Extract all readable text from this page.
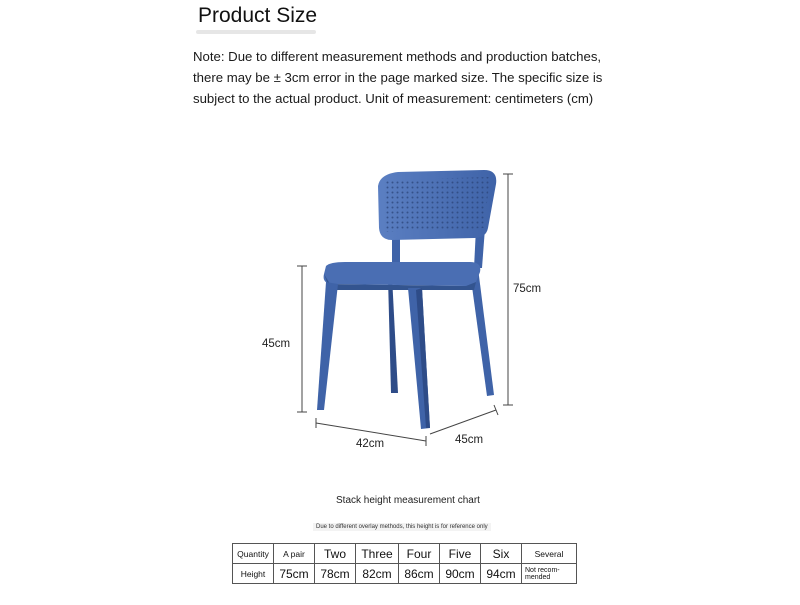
Product Size
Note: Due to different measurement methods and production batches, there may be ± 3cm error in the page marked size. The specific size is subject to the actual product. Unit of measurement: centimeters (cm)
75cm
45cm
42cm	45cm
Stack height measurement chart
Due to different overlay methods, this height is for reference only
Quantity	A pair	Two	Three	Four	Five	Six	Several
Height	75cm	78cm	82cm	86cm	90cm	94cm	Not recom-mended
